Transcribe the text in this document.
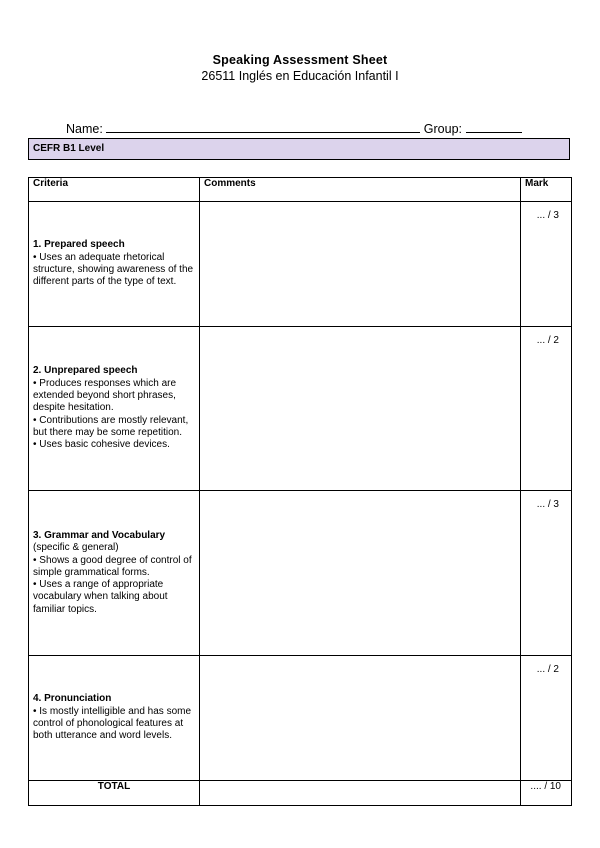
Speaking Assessment Sheet
26511 Inglés en Educación Infantil I
Name:	Group:
CEFR B1 Level
Criteria	Comments	Mark

1. Prepared speech
• Uses an adequate rhetorical structure, showing awareness of the different parts of the type of text.		... / 3

2. Unprepared speech
• Produces responses which are extended beyond short phrases, despite hesitation.
• Contributions are mostly relevant, but there may be some repetition.
• Uses basic cohesive devices.		... / 2

3. Grammar and Vocabulary
(specific & general)
• Shows a good degree of control of simple grammatical forms.
• Uses a range of appropriate vocabulary when talking about familiar topics.		... / 3

4. Pronunciation
• Is mostly intelligible and has some control of phonological features at both utterance and word levels.		... / 2
TOTAL		.... / 10
